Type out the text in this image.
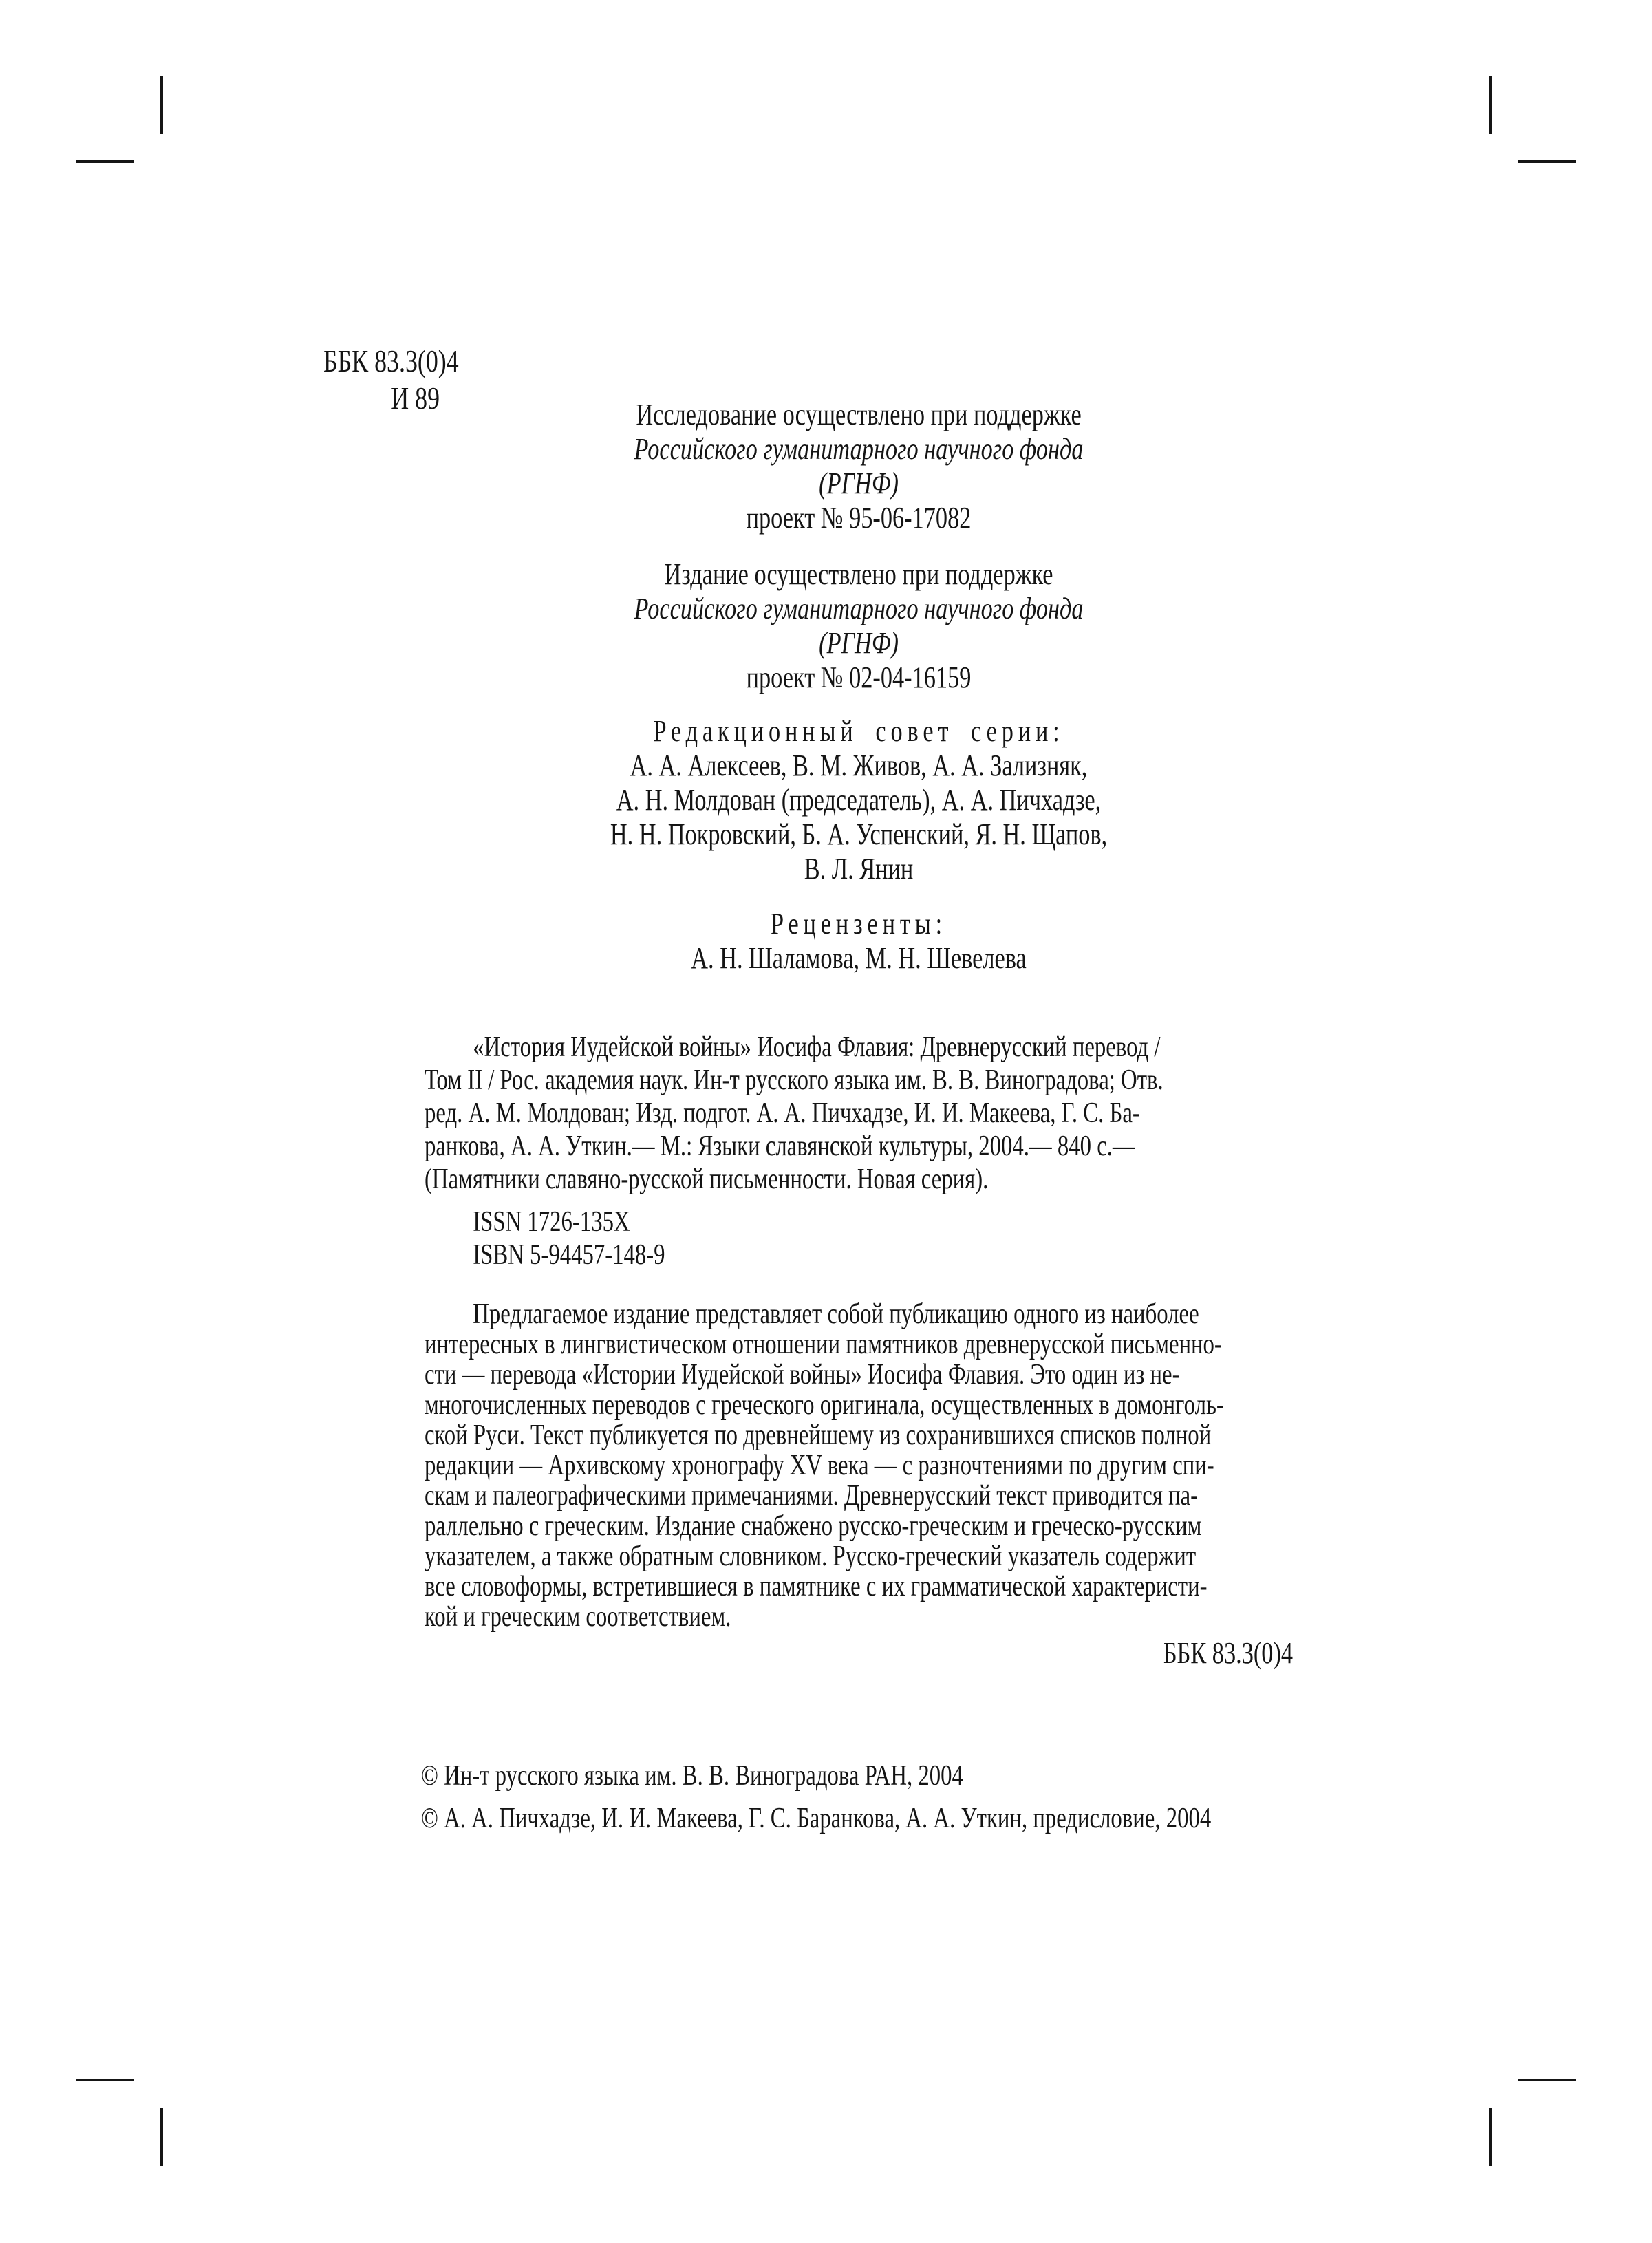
ББК 83.3(0)4
И 89	Исследование осуществлено при поддержке
Российского гуманитарного научного фонда
(РГНФ)
проект № 95-06-17082
Издание осуществлено при поддержке
Российского гуманитарного научного фонда
(РГНФ)
проект № 02-04-16159
Редакционный совет серии:
А. А. Алексеев, В. М. Живов, А. А. Зализняк,
А. Н. Молдован (председатель), А. А. Пичхадзе,
Н. Н. Покровский, Б. А. Успенский, Я. Н. Щапов,
В. Л. Янин
Рецензенты:
А. Н. Шаламова, М. Н. Шевелева
«История Иудейской войны» Иосифа Флавия: Древнерусский перевод /
Том II / Рос. академия наук. Ин-т русского языка им. В. В. Виноградова; Отв.
ред. А. М. Молдован; Изд. подгот. А. А. Пичхадзе, И. И. Макеева, Г. С. Ба-
ранкова, А. А. Уткин.— М.: Языки славянской культуры, 2004.— 840 с.—
(Памятники славяно-русской письменности. Новая серия).
ISSN 1726-135X
ISBN 5-94457-148-9
Предлагаемое издание представляет собой публикацию одного из наиболее
интересных в лингвистическом отношении памятников древнерусской письменно-
сти — перевода «Истории Иудейской войны» Иосифа Флавия. Это один из не-
многочисленных переводов с греческого оригинала, осуществленных в домонголь-
ской Руси. Текст публикуется по древнейшему из сохранившихся списков полной
редакции — Архивскому хронографу XV века — с разночтениями по другим спи-
скам и палеографическими примечаниями. Древнерусский текст приводится па-
раллельно с греческим. Издание снабжено русско-греческим и греческо-русским
указателем, а также обратным словником. Русско-греческий указатель содержит
все словоформы, встретившиеся в памятнике с их грамматической характеристи-
кой и греческим соответствием.
ББК 83.3(0)4
© Ин-т русского языка им. В. В. Виноградова РАН, 2004
© А. А. Пичхадзе, И. И. Макеева, Г. С. Баранкова, А. А. Уткин, предисловие, 2004
